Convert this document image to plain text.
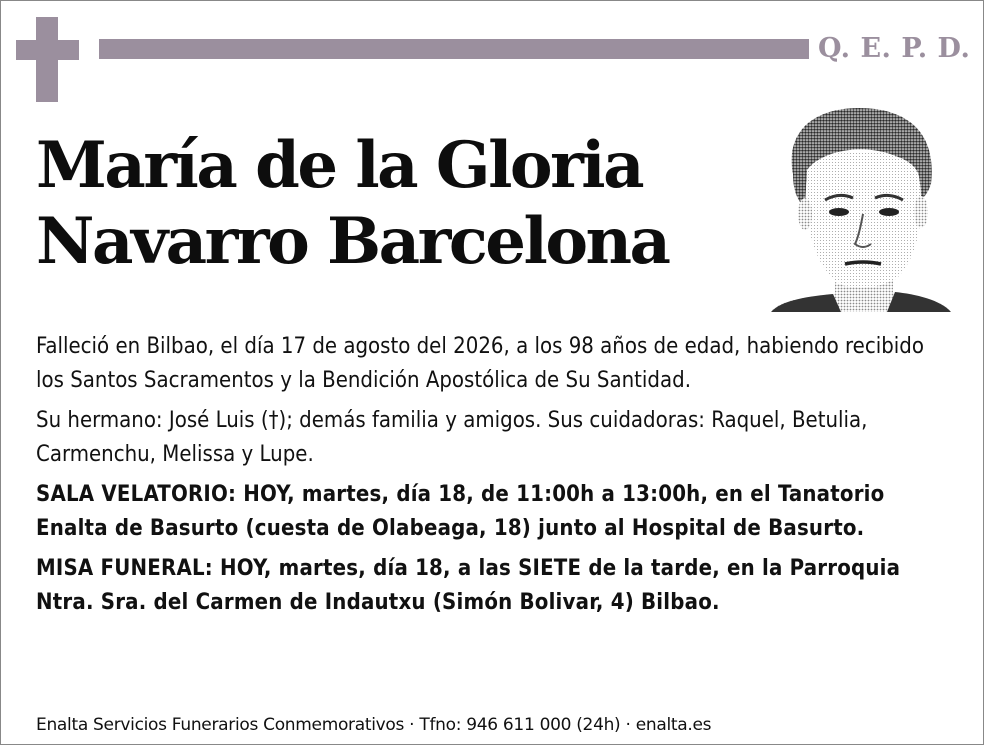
Q. E. P. D.
María de la Gloria
Navarro Barcelona

Falleció en Bilbao, el día 17 de agosto del 2026, a los 98 años de edad, habiendo recibido los Santos Sacramentos y la Bendición Apostólica de Su Santidad.

Su hermano: José Luis (†); demás familia y amigos. Sus cuidadoras: Raquel, Betulia, Carmenchu, Melissa y Lupe.

SALA VELATORIO: HOY, martes, día 18, de 11:00h a 13:00h, en el Tanatorio Enalta de Basurto (cuesta de Olabeaga, 18) junto al Hospital de Basurto.

MISA FUNERAL: HOY, martes, día 18, a las SIETE de la tarde, en la Parroquia Ntra. Sra. del Carmen de Indautxu (Simón Bolivar, 4) Bilbao.

Enalta Servicios Funerarios Conmemorativos · Tfno: 946 611 000 (24h) · enalta.es
